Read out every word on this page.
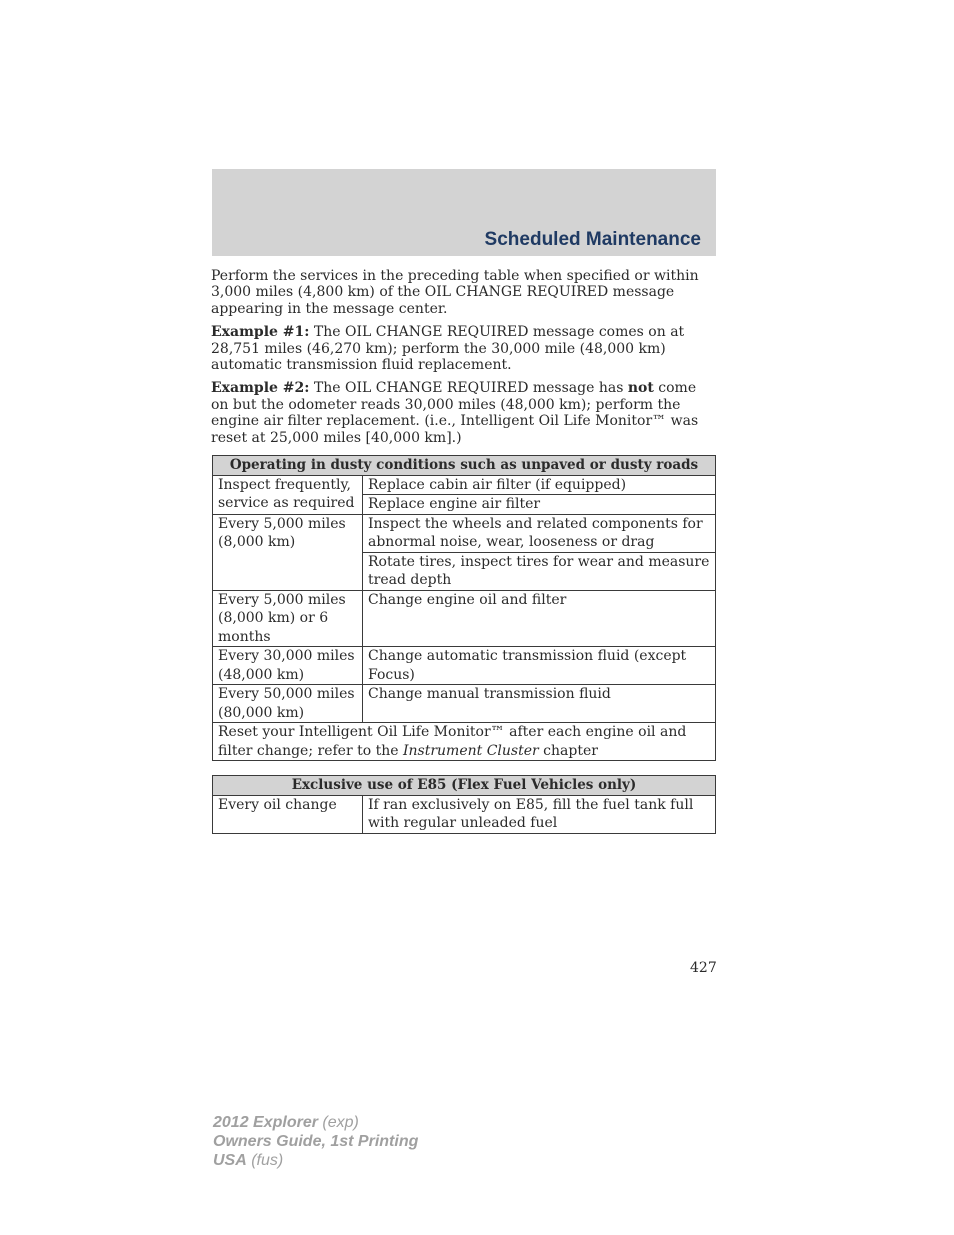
Scheduled Maintenance

Perform the services in the preceding table when specified or within 3,000 miles (4,800 km) of the OIL CHANGE REQUIRED message appearing in the message center.

Example #1: The OIL CHANGE REQUIRED message comes on at 28,751 miles (46,270 km); perform the 30,000 mile (48,000 km) automatic transmission fluid replacement.

Example #2: The OIL CHANGE REQUIRED message has not come on but the odometer reads 30,000 miles (48,000 km); perform the engine air filter replacement. (i.e., Intelligent Oil Life Monitor™ was reset at 25,000 miles [40,000 km].)

Operating in dusty conditions such as unpaved or dusty roads	
Inspect frequently, service as required	Replace cabin air filter (if equipped)
	Replace engine air filter
Every 5,000 miles (8,000 km)	Inspect the wheels and related components for abnormal noise, wear, looseness or drag
	Rotate tires, inspect tires for wear and measure tread depth
Every 5,000 miles (8,000 km) or 6 months	Change engine oil and filter
Every 30,000 miles (48,000 km)	Change automatic transmission fluid (except Focus)
Every 50,000 miles (80,000 km)	Change manual transmission fluid
Reset your Intelligent Oil Life Monitor™ after each engine oil and filter change; refer to the Instrument Cluster chapter	
Exclusive use of E85 (Flex Fuel Vehicles only)
Every oil change	If ran exclusively on E85, fill the fuel tank full with regular unleaded fuel
427
2012 Explorer (exp)
Owners Guide, 1st Printing
USA (fus)
